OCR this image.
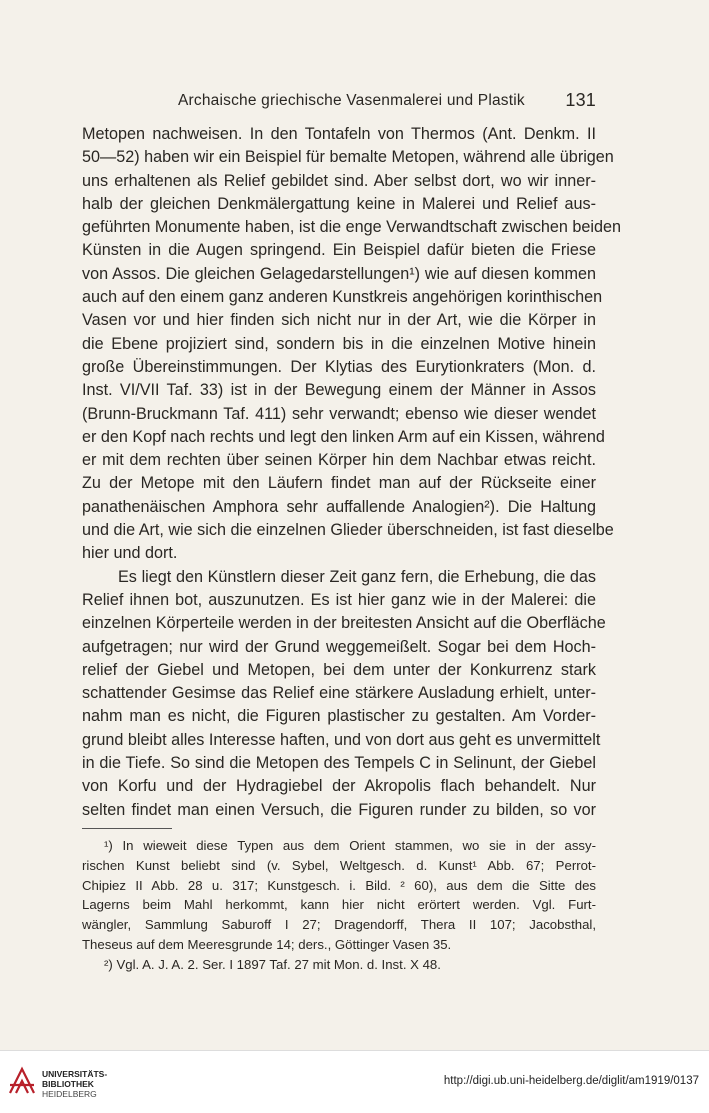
Archaische griechische Vasenmalerei und Plastik 131
Metopen nachweisen. In den Tontafeln von Thermos (Ant. Denkm. II
50—52) haben wir ein Beispiel für bemalte Metopen, während alle übrigen
uns erhaltenen als Relief gebildet sind. Aber selbst dort, wo wir inner-
halb der gleichen Denkmälergattung keine in Malerei und Relief aus-
geführten Monumente haben, ist die enge Verwandtschaft zwischen beiden
Künsten in die Augen springend. Ein Beispiel dafür bieten die Friese
von Assos. Die gleichen Gelagedarstellungen¹) wie auf diesen kommen
auch auf den einem ganz anderen Kunstkreis angehörigen korinthischen
Vasen vor und hier finden sich nicht nur in der Art, wie die Körper in
die Ebene projiziert sind, sondern bis in die einzelnen Motive hinein
große Übereinstimmungen. Der Klytias des Eurytionkraters (Mon. d.
Inst. VI/VII Taf. 33) ist in der Bewegung einem der Männer in Assos
(Brunn-Bruckmann Taf. 411) sehr verwandt; ebenso wie dieser wendet
er den Kopf nach rechts und legt den linken Arm auf ein Kissen, während
er mit dem rechten über seinen Körper hin dem Nachbar etwas reicht.
Zu der Metope mit den Läufern findet man auf der Rückseite einer
panathenäischen Amphora sehr auffallende Analogien²). Die Haltung
und die Art, wie sich die einzelnen Glieder überschneiden, ist fast dieselbe
hier und dort.
Es liegt den Künstlern dieser Zeit ganz fern, die Erhebung, die das
Relief ihnen bot, auszunutzen. Es ist hier ganz wie in der Malerei: die
einzelnen Körperteile werden in der breitesten Ansicht auf die Oberfläche
aufgetragen; nur wird der Grund weggemeißelt. Sogar bei dem Hoch-
relief der Giebel und Metopen, bei dem unter der Konkurrenz stark
schattender Gesimse das Relief eine stärkere Ausladung erhielt, unter-
nahm man es nicht, die Figuren plastischer zu gestalten. Am Vorder-
grund bleibt alles Interesse haften, und von dort aus geht es unvermittelt
in die Tiefe. So sind die Metopen des Tempels C in Selinunt, der Giebel
von Korfu und der Hydragiebel der Akropolis flach behandelt. Nur
selten findet man einen Versuch, die Figuren runder zu bilden, so vor
¹) In wieweit diese Typen aus dem Orient stammen, wo sie in der assy-
rischen Kunst beliebt sind (v. Sybel, Weltgesch. d. Kunst¹ Abb. 67; Perrot-
Chipiez II Abb. 28 u. 317; Kunstgesch. i. Bild. ² 60), aus dem die Sitte des
Lagerns beim Mahl herkommt, kann hier nicht erörtert werden. Vgl. Furt-
wängler, Sammlung Saburoff I 27; Dragendorff, Thera II 107; Jacobsthal,
Theseus auf dem Meeresgrunde 14; ders., Göttinger Vasen 35.
²) Vgl. A. J. A. 2. Ser. I 1897 Taf. 27 mit Mon. d. Inst. X 48.
UNIVERSITÄTS-
BIBLIOTHEK
HEIDELBERG
http://digi.ub.uni-heidelberg.de/diglit/am1919/0137
